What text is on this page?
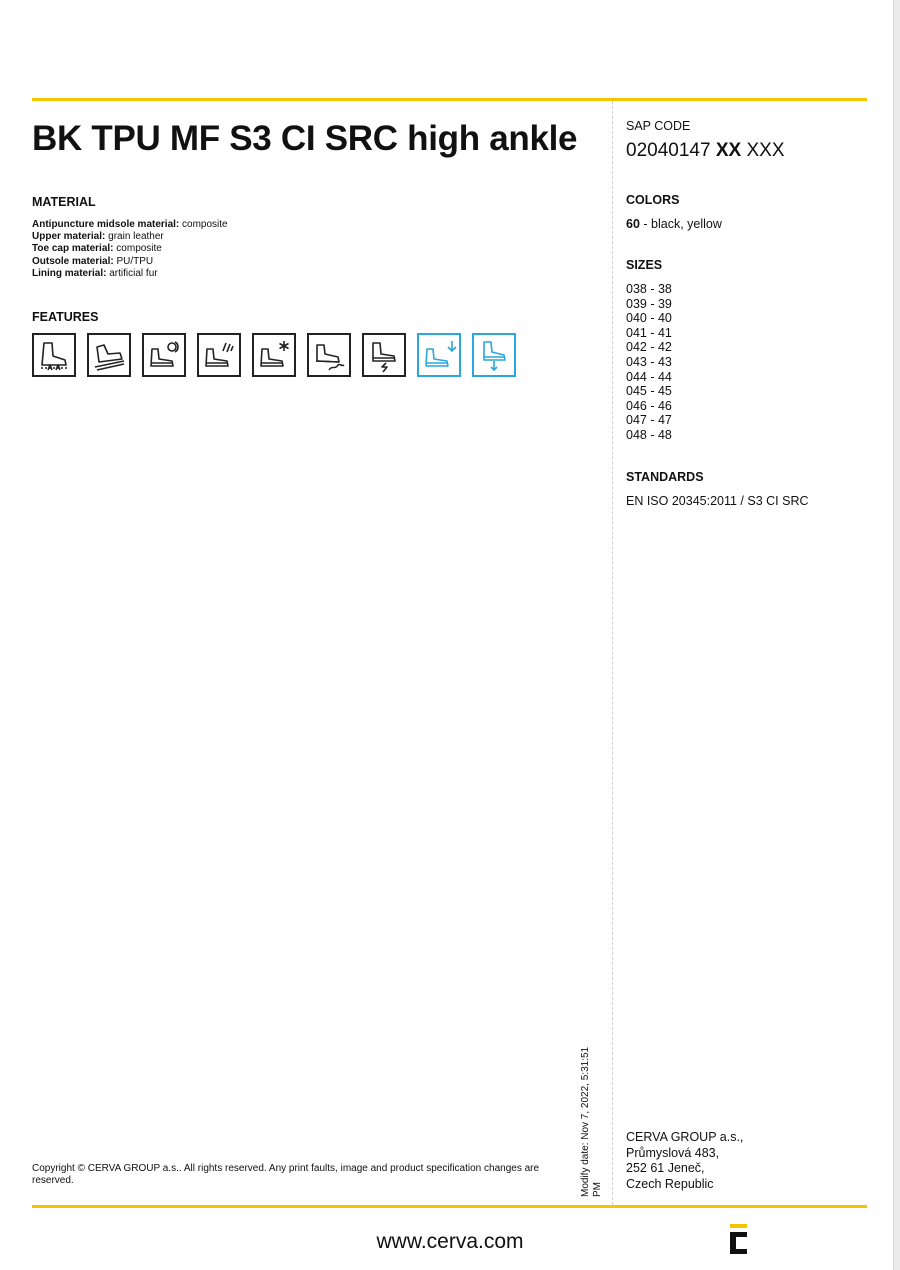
BK TPU MF S3 CI SRC high ankle
MATERIAL
Antipuncture midsole material: composite
Upper material: grain leather
Toe cap material: composite
Outsole material: PU/TPU
Lining material: artificial fur
FEATURES
SAP CODE
02040147 XX XXX
COLORS
60 - black, yellow
SIZES
038 - 38
039 - 39
040 - 40
041 - 41
042 - 42
043 - 43
044 - 44
045 - 45
046 - 46
047 - 47
048 - 48
STANDARDS
EN ISO 20345:2011 / S3 CI SRC
CERVA GROUP a.s.,
Průmyslová 483,
252 61 Jeneč,
Czech Republic
Copyright © CERVA GROUP a.s.. All rights reserved. Any print faults, image and product specification changes are reserved.	Modify date: Nov 7, 2022, 5:31:51 PM
www.cerva.com
